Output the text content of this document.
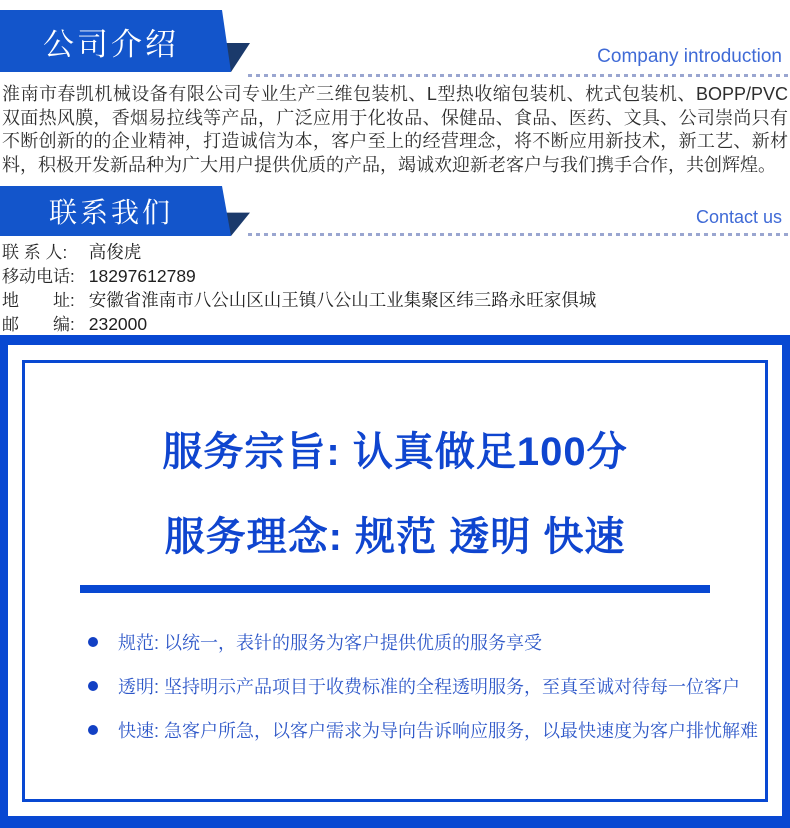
公司介绍	Company introduction
淮南市春凯机械设备有限公司专业生产三维包装机、L型热收缩包装机、枕式包装机、BOPP/PVC双面热风膜，香烟易拉线等产品，广泛应用于化妆品、保健品、食品、医药、文具、公司崇尚只有不断创新的的企业精神，打造诚信为本，客户至上的经营理念，将不断应用新技术，新工艺、新材料，积极开发新品种为广大用户提供优质的产品，竭诚欢迎新老客户与我们携手合作，共创辉煌。
联系我们	Contact us
联 系 人: 高俊虎
移动电话: 18297612789
地　　址: 安徽省淮南市八公山区山王镇八公山工业集聚区纬三路永旺家俱城
邮　　编: 232000
服务宗旨: 认真做足100分
服务理念: 规范 透明 快速
规范: 以统一，表针的服务为客户提供优质的服务享受
透明: 坚持明示产品项目于收费标准的全程透明服务，至真至诚对待每一位客户
快速: 急客户所急，以客户需求为导向告诉响应服务，以最快速度为客户排忧解难
